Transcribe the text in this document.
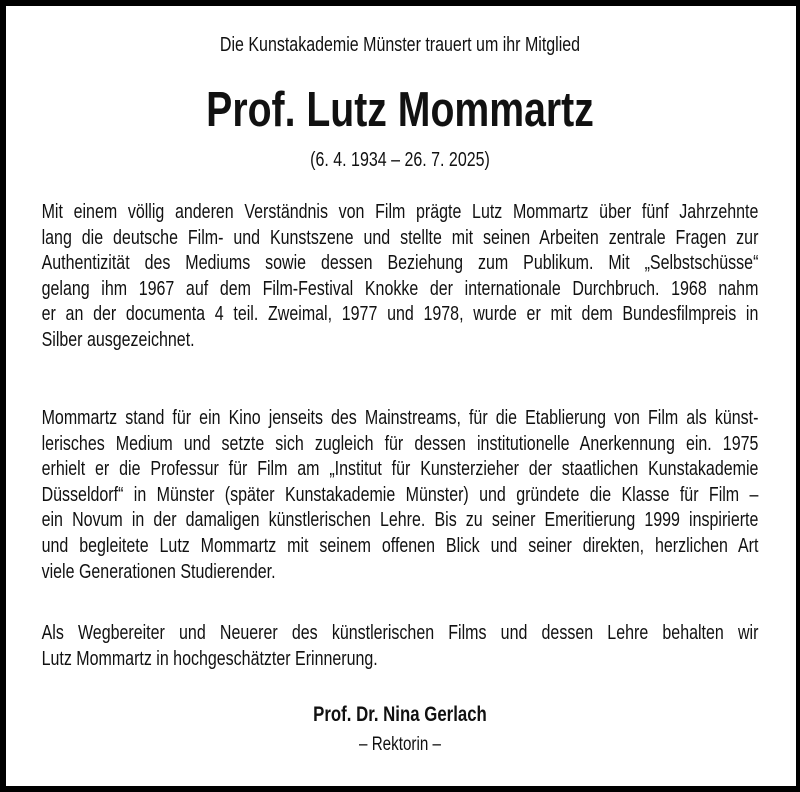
Die Kunstakademie Münster trauert um ihr Mitglied
Prof. Lutz Mommartz
(6. 4. 1934 – 26. 7. 2025)
Mit einem völlig anderen Verständnis von Film prägte Lutz Mommartz über fünf Jahrzehnte
lang die deutsche Film- und Kunstszene und stellte mit seinen Arbeiten zentrale Fragen zur
Authentizität des Mediums sowie dessen Beziehung zum Publikum. Mit „Selbstschüsse“
gelang ihm 1967 auf dem Film-Festival Knokke der internationale Durchbruch. 1968 nahm
er an der documenta 4 teil. Zweimal, 1977 und 1978, wurde er mit dem Bundesfilmpreis in
Silber ausgezeichnet.
Mommartz stand für ein Kino jenseits des Mainstreams, für die Etablierung von Film als künst-
lerisches Medium und setzte sich zugleich für dessen institutionelle Anerkennung ein. 1975
erhielt er die Professur für Film am „Institut für Kunsterzieher der staatlichen Kunstakademie
Düsseldorf“ in Münster (später Kunstakademie Münster) und gründete die Klasse für Film –
ein Novum in der damaligen künstlerischen Lehre. Bis zu seiner Emeritierung 1999 inspirierte
und begleitete Lutz Mommartz mit seinem offenen Blick und seiner direkten, herzlichen Art
viele Generationen Studierender.
Als Wegbereiter und Neuerer des künstlerischen Films und dessen Lehre behalten wir
Lutz Mommartz in hochgeschätzter Erinnerung.
Prof. Dr. Nina Gerlach
– Rektorin –
